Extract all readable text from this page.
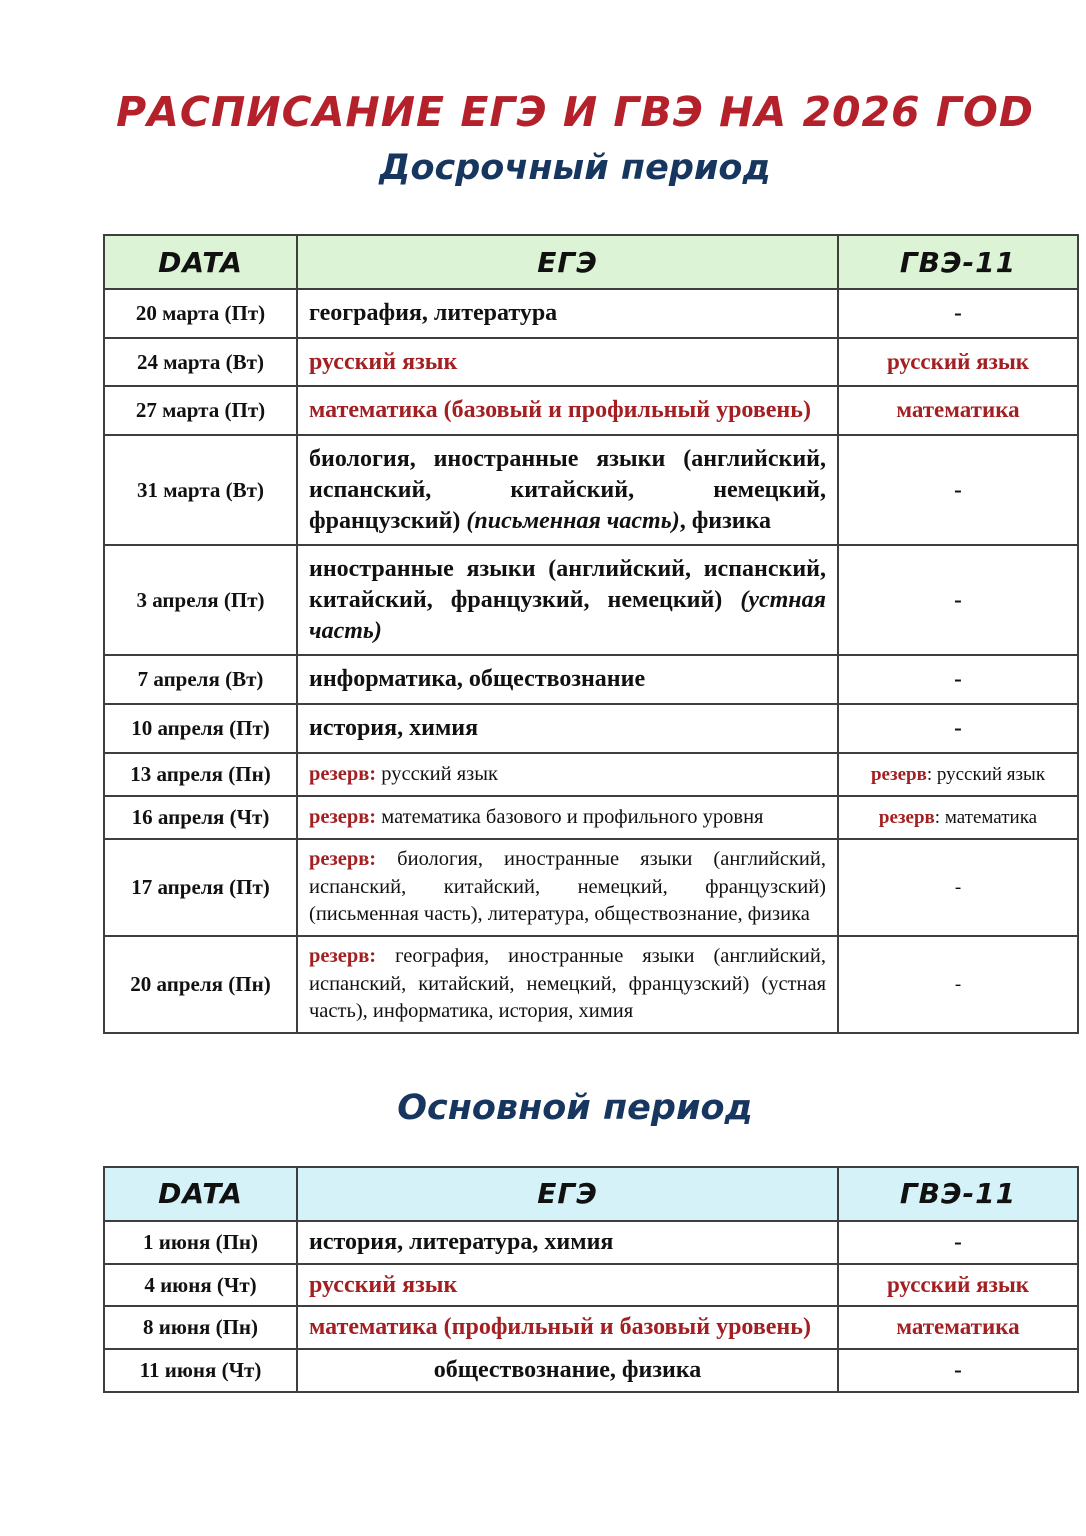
РАСПИСАНИЕ ЕГЭ И ГВЭ НА 2026 ГОD
Досрочный период
DATA	ЕГЭ	ГВЭ-11
20 марта (Пт)	география, литература	-
24 марта (Вт)	русский язык	русский язык
27 марта (Пт)	математика (базовый и профильный уровень)	математика
31 марта (Вт)	биология, иностранные языки (английский, испанский, китайский, немецкий, французский) (письменная часть), физика	-
3 апреля (Пт)	иностранные языки (английский, испанский, китайский, французкий, немецкий) (устная часть)	-
7 апреля (Вт)	информатика, обществознание	-
10 апреля (Пт)	история, химия	-
13 апреля (Пн)	резерв: русский язык	резерв: русский язык
16 апреля (Чт)	резерв: математика базового и профильного уровня	резерв: математика
17 апреля (Пт)	резерв: биология, иностранные языки (английский, испанский, китайский, немецкий, французский) (письменная часть), литература, обществознание, физика	-
20 апреля (Пн)	резерв: география, иностранные языки (английский, испанский, китайский, немецкий, французский) (устная часть), информатика, история, химия	-
Основной период
DATA	ЕГЭ	ГВЭ-11
1 июня (Пн)	история, литература, химия	-
4 июня (Чт)	русский язык	русский язык
8 июня (Пн)	математика (профильный и базовый уровень)	математика
11 июня (Чт)	обществознание, физика	-
